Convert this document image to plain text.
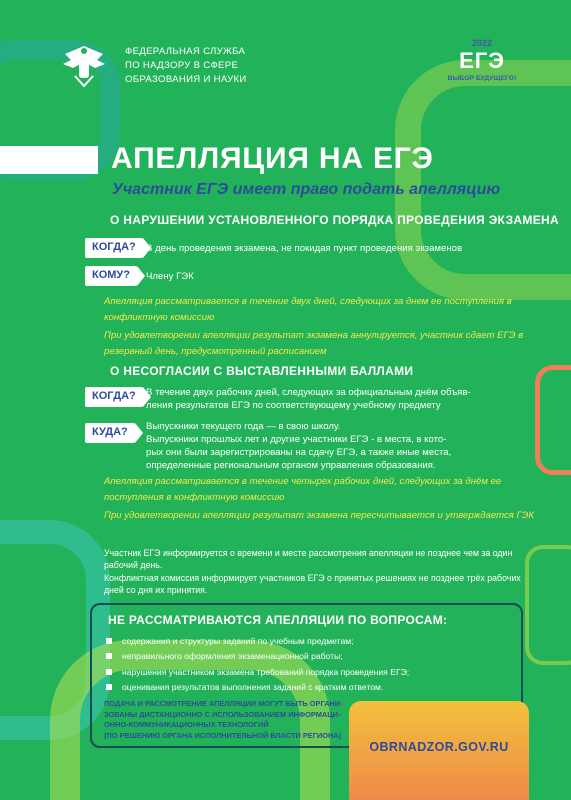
ФЕДЕРАЛЬНАЯ СЛУЖБА
ПО НАДЗОРУ В СФЕРЕ
ОБРАЗОВАНИЯ И НАУКИ
2022
ЕГЭ
ВЫБОР БУДУЩЕГО!
АПЕЛЛЯЦИЯ НА ЕГЭ
Участник ЕГЭ имеет право подать апелляцию
О НАРУШЕНИИ УСТАНОВЛЕННОГО ПОРЯДКА ПРОВЕДЕНИЯ ЭКЗАМЕНА
КОГДА?	В день проведения экзамена, не покидая пункт проведения экзаменов
КОМУ?	Члену ГЭК
Апелляция рассматривается в течение двух дней, следующих за днем ее поступления в конфликтную комиссию
При удовлетворении апелляции результат экзамена аннулируется, участник сдает ЕГЭ в резервный день, предусмотренный расписанием
О НЕСОГЛАСИИ С ВЫСТАВЛЕННЫМИ БАЛЛАМИ
КОГДА?	В течение двух рабочих дней, следующих за официальным днём объяв-
ления результатов ЕГЭ по соответствующему учебному предмету
КУДА?	Выпускники текущего года — в свою школу.
Выпускники прошлых лет и другие участники ЕГЭ - в места, в кото-
рых они были зарегистрированы на сдачу ЕГЭ, а также иные места,
определенные региональным органом управления образования.
Апелляция рассматривается в течение четырех рабочих дней, следующих за днём ее поступления в конфликтную комиссию
При удовлетворении апелляции результат экзамена пересчитывается и утверждается ГЭК
Участник ЕГЭ информируется о времени и месте рассмотрения апелляции не позднее чем за один рабочий день.
Конфликтная комиссия информирует участников ЕГЭ о принятых решениях не позднее трёх рабочих дней со дня их принятия.
НЕ РАССМАТРИВАЮТСЯ АПЕЛЛЯЦИИ ПО ВОПРОСАМ:
содержания и структуры заданий по учебным предметам;
неправильного оформления экзаменационной работы;
нарушения участником экзамена требований порядка проведения ЕГЭ;
оценивания результатов выполнения заданий с кратким ответом.
ПОДАЧА И РАССМОТРЕНИЕ АПЕЛЛЯЦИИ МОГУТ БЫТЬ ОРГАНИ-
ЗОВАНЫ ДИСТАНЦИОННО С ИСПОЛЬЗОВАНИЕМ ИНФОРМАЦИ-
ОННО-КОММУНИКАЦИОННЫХ ТЕХНОЛОГИЙ
(ПО РЕШЕНИЮ ОРГАНА ИСПОЛНИТЕЛЬНОЙ ВЛАСТИ РЕГИОНА)
OBRNADZOR.GOV.RU
